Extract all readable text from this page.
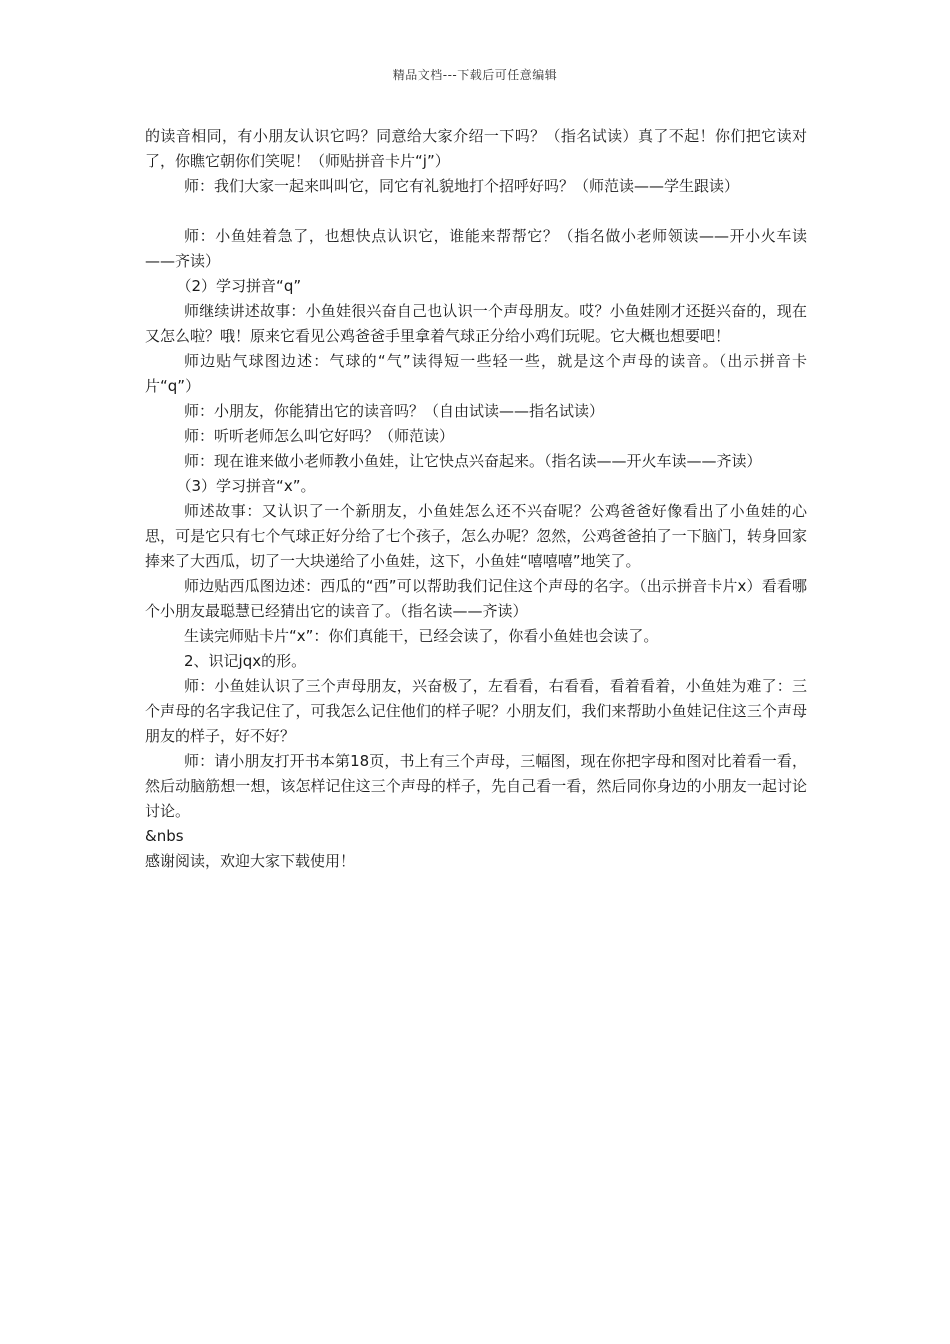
精品文档---下载后可任意编辑

的读音相同，有小朋友认识它吗？同意给大家介绍一下吗？（指名试读）真了不起！你们把它读对了，你瞧它朝你们笑呢！（师贴拼音卡片“j”）

师：我们大家一起来叫叫它，同它有礼貌地打个招呼好吗？（师范读——学生跟读）

师：小鱼娃着急了，也想快点认识它，谁能来帮帮它？（指名做小老师领读——开小火车读——齐读）

（2）学习拼音“q”

师继续讲述故事：小鱼娃很兴奋自己也认识一个声母朋友。哎？小鱼娃刚才还挺兴奋的，现在又怎么啦？哦！原来它看见公鸡爸爸手里拿着气球正分给小鸡们玩呢。它大概也想要吧！

师边贴气球图边述：气球的“气”读得短一些轻一些，就是这个声母的读音。（出示拼音卡片“q”）

师：小朋友，你能猜出它的读音吗？（自由试读——指名试读）

师：听听老师怎么叫它好吗？（师范读）

师：现在谁来做小老师教小鱼娃，让它快点兴奋起来。（指名读——开火车读——齐读）

（3）学习拼音“x”。

师述故事：又认识了一个新朋友，小鱼娃怎么还不兴奋呢？公鸡爸爸好像看出了小鱼娃的心思，可是它只有七个气球正好分给了七个孩子，怎么办呢？忽然，公鸡爸爸拍了一下脑门，转身回家捧来了大西瓜，切了一大块递给了小鱼娃，这下，小鱼娃“嘻嘻嘻”地笑了。

师边贴西瓜图边述：西瓜的“西”可以帮助我们记住这个声母的名字。（出示拼音卡片x）看看哪个小朋友最聪慧已经猜出它的读音了。（指名读——齐读）

生读完师贴卡片“x”：你们真能干，已经会读了，你看小鱼娃也会读了。

2、识记jqx的形。

师：小鱼娃认识了三个声母朋友，兴奋极了，左看看，右看看，看着看着，小鱼娃为难了：三个声母的名字我记住了，可我怎么记住他们的样子呢？小朋友们，我们来帮助小鱼娃记住这三个声母朋友的样子，好不好？

师：请小朋友打开书本第18页，书上有三个声母，三幅图，现在你把字母和图对比着看一看，然后动脑筋想一想，该怎样记住这三个声母的样子，先自己看一看，然后同你身边的小朋友一起讨论讨论。

&nbs

感谢阅读，欢迎大家下载使用！
